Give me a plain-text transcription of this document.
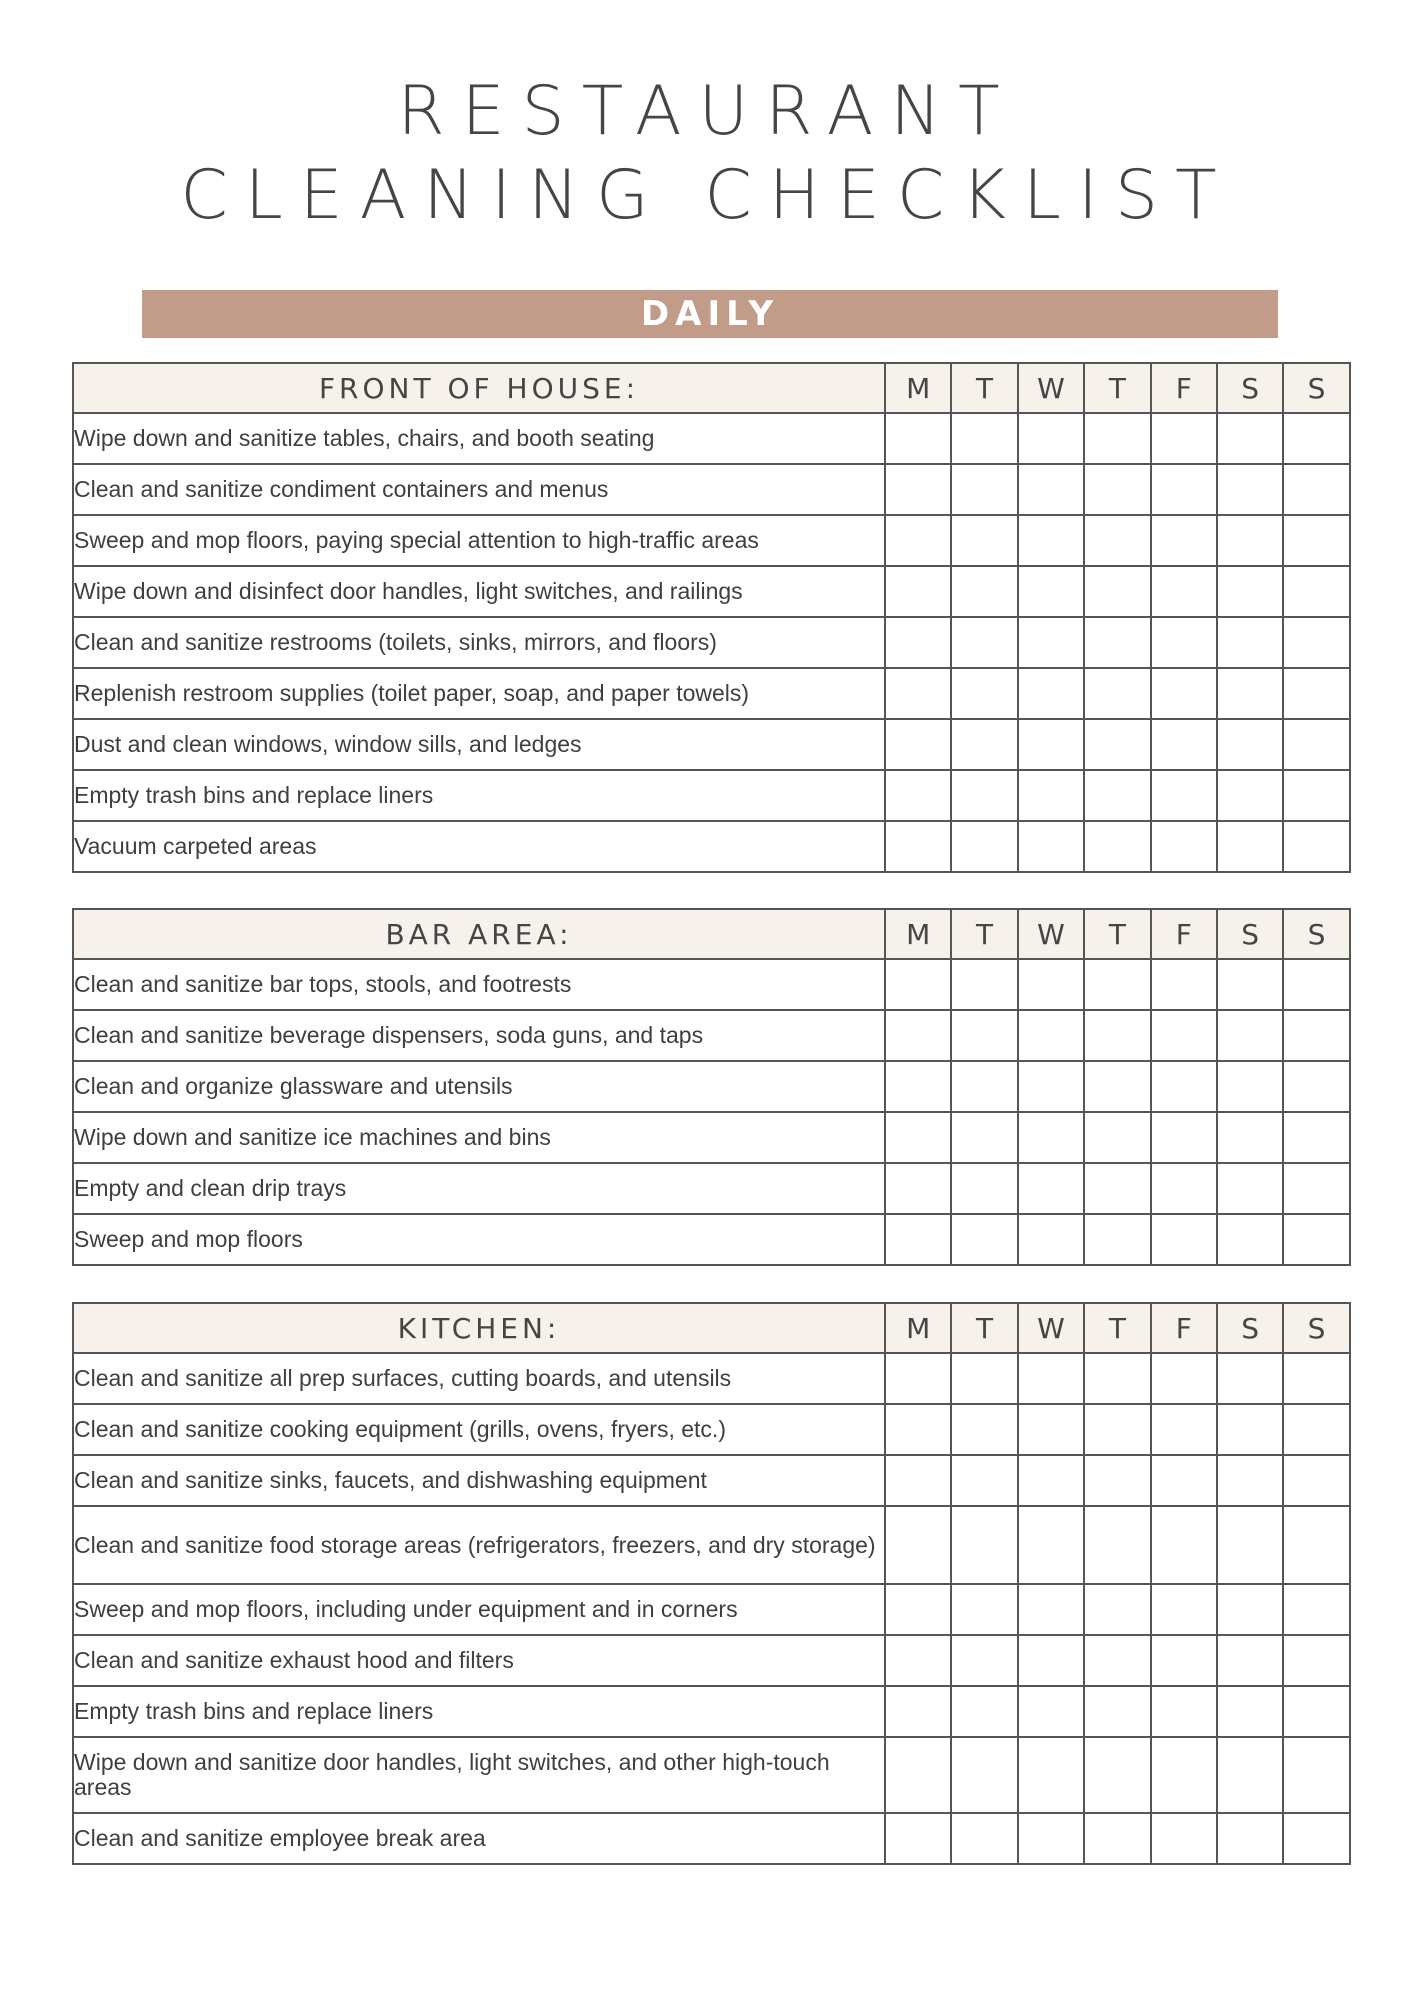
RESTAURANT
CLEANING CHECKLIST
DAILY
FRONT OF HOUSE:	M	T	W	T	F	S	S
Wipe down and sanitize tables, chairs, and booth seating							
Clean and sanitize condiment containers and menus							
Sweep and mop floors, paying special attention to high-traffic areas							
Wipe down and disinfect door handles, light switches, and railings							
Clean and sanitize restrooms (toilets, sinks, mirrors, and floors)							
Replenish restroom supplies (toilet paper, soap, and paper towels)							
Dust and clean windows, window sills, and ledges							
Empty trash bins and replace liners							
Vacuum carpeted areas							
BAR AREA:	M	T	W	T	F	S	S
Clean and sanitize bar tops, stools, and footrests							
Clean and sanitize beverage dispensers, soda guns, and taps							
Clean and organize glassware and utensils							
Wipe down and sanitize ice machines and bins							
Empty and clean drip trays							
Sweep and mop floors							
KITCHEN:	M	T	W	T	F	S	S
Clean and sanitize all prep surfaces, cutting boards, and utensils							
Clean and sanitize cooking equipment (grills, ovens, fryers, etc.)							
Clean and sanitize sinks, faucets, and dishwashing equipment							
Clean and sanitize food storage areas (refrigerators, freezers, and dry storage)							
Sweep and mop floors, including under equipment and in corners							
Clean and sanitize exhaust hood and filters							
Empty trash bins and replace liners							
Wipe down and sanitize door handles, light switches, and other high-touch areas							
Clean and sanitize employee break area							
